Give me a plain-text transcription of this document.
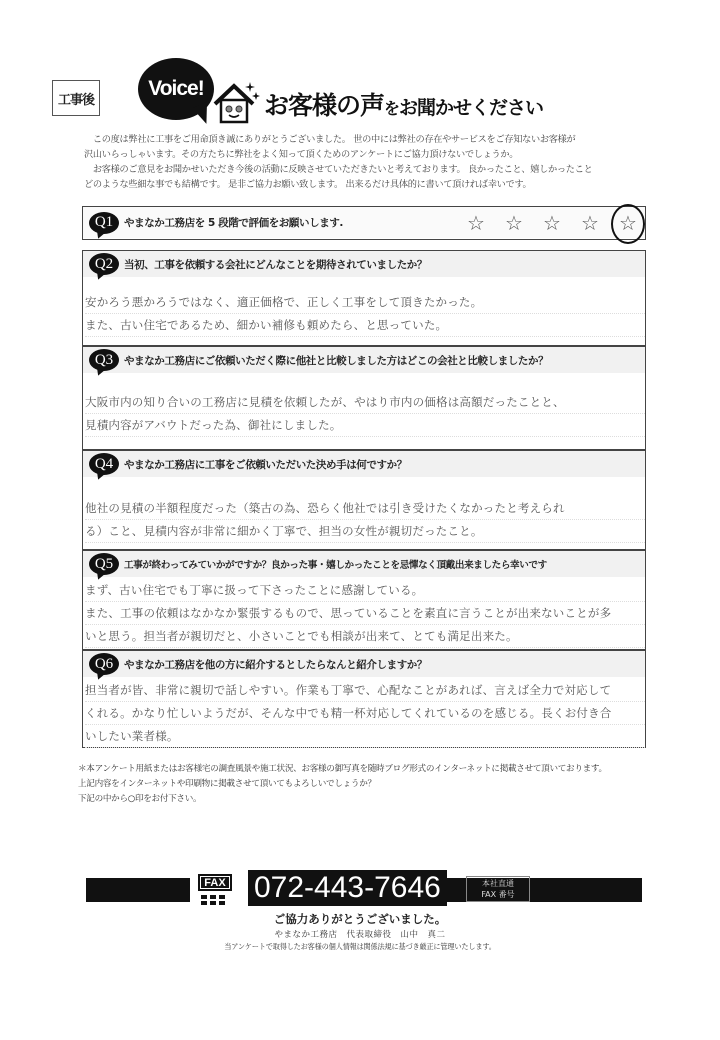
工事後	Voice!
お客様の声をお聞かせください

　この度は弊社に工事をご用命頂き誠にありがとうございました。 世の中には弊社の存在やサービスをご存知ないお客様が

沢山いらっしゃいます。その方たちに弊社をよく知って頂くためのアンケートにご協力頂けないでしょうか。

　お客様のご意見をお聞かせいただき今後の活動に反映させていただきたいと考えております。 良かったこと、嬉しかったこと

どのような些細な事でも結構です。 是非ご協力お願い致します。 出来るだけ具体的に書いて頂ければ幸いです。

Q1	やまなか工務店を 5 段階で評価をお願いします.	☆ ☆ ☆ ☆ ☆
Q2	当初、工事を依頼する会社にどんなことを期待されていましたか？

安かろう悪かろうではなく、適正価格で、正しく工事をして頂きたかった。

また、古い住宅であるため、細かい補修も頼めたら、と思っていた。

Q3	やまなか工務店にご依頼いただく際に他社と比較しました方はどこの会社と比較しましたか？

大阪市内の知り合いの工務店に見積を依頼したが、やはり市内の価格は高額だったことと、

見積内容がアバウトだった為、御社にしました。

Q4	やまなか工務店に工事をご依頼いただいた決め手は何ですか？

他社の見積の半額程度だった（築古の為、恐らく他社では引き受けたくなかったと考えられ

る）こと、見積内容が非常に細かく丁寧で、担当の女性が親切だったこと。

Q5	工事が終わってみていかがですか？良かった事・嬉しかったことを忌憚なく頂戴出来ましたら幸いです

まず、古い住宅でも丁寧に扱って下さったことに感謝している。

また、工事の依頼はなかなか緊張するもので、思っていることを素直に言うことが出来ないことが多

いと思う。担当者が親切だと、小さいことでも相談が出来て、とても満足出来た。

Q6	やまなか工務店を他の方に紹介するとしたらなんと紹介しますか？

担当者が皆、非常に親切で話しやすい。作業も丁寧で、心配なことがあれば、言えば全力で対応して

くれる。かなり忙しいようだが、そんな中でも精一杯対応してくれているのを感じる。長くお付き合

いしたい業者様。

＊本アンケート用紙またはお客様宅の調査風景や施工状況、お客様の御写真を随時ブログ形式のインターネットに掲載させて頂いております。

上記内容をインターネットや印刷物に掲載させて頂いてもよろしいでしょうか？

下記の中から○印をお付下さい。

FAX 072-443-7646	本社直通
FAX 番号
ご協力ありがとうございました。
やまなか工務店　代表取締役　山中　真二
当アンケートで取得したお客様の個人情報は関係法規に基づき厳正に管理いたします。
